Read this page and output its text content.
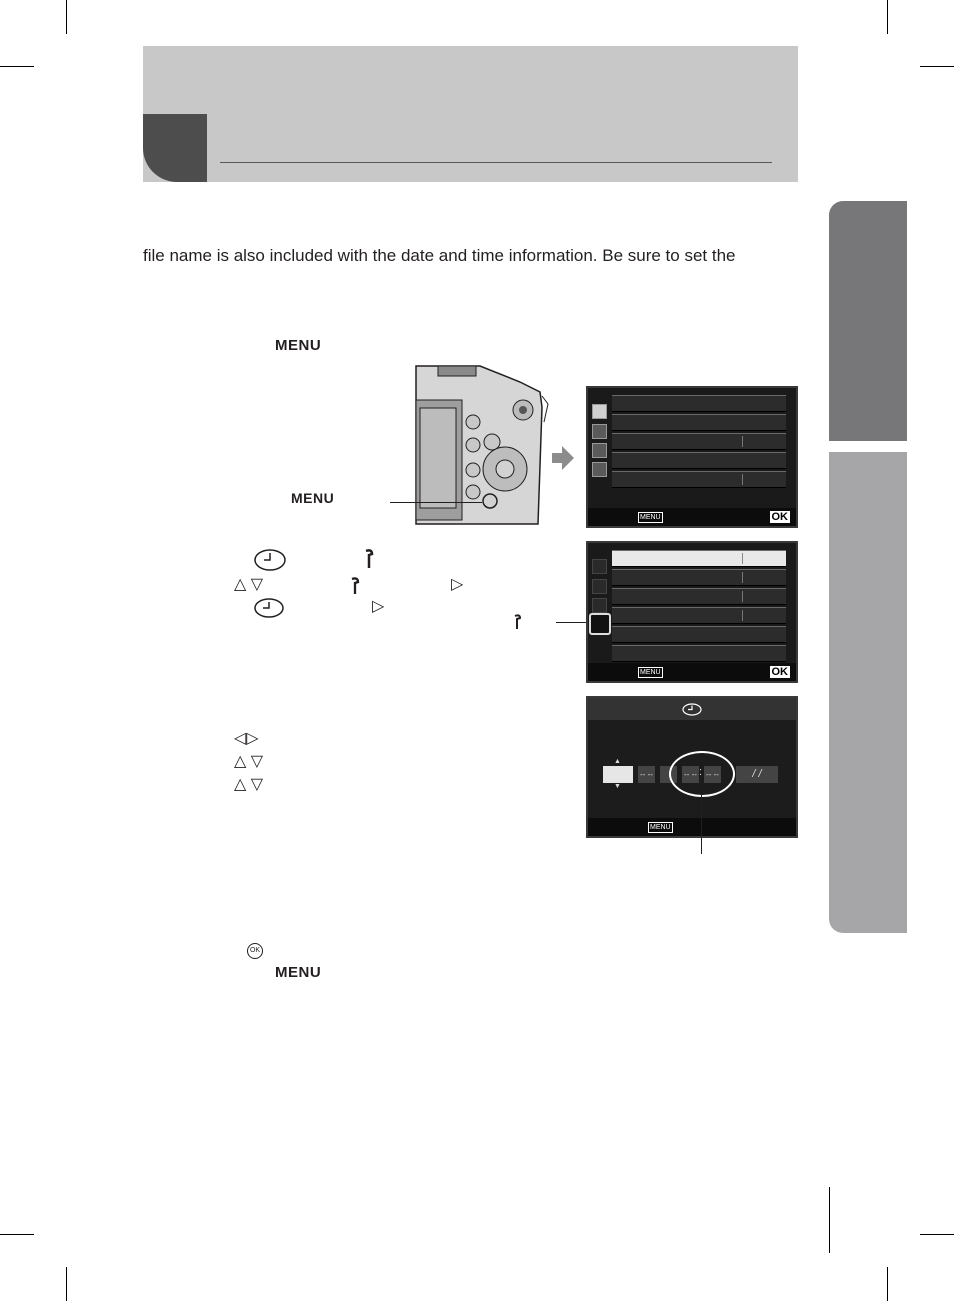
file name is also included with the date and time information. Be sure to set the
MENU
MENU
MENU	OK
△ ▽	▷
▷
MENU	OK
◁▷
△ ▽
△ ▽
▲
▼
-- --	-- -- : -- --	/ /
MENU
OK
MENU
